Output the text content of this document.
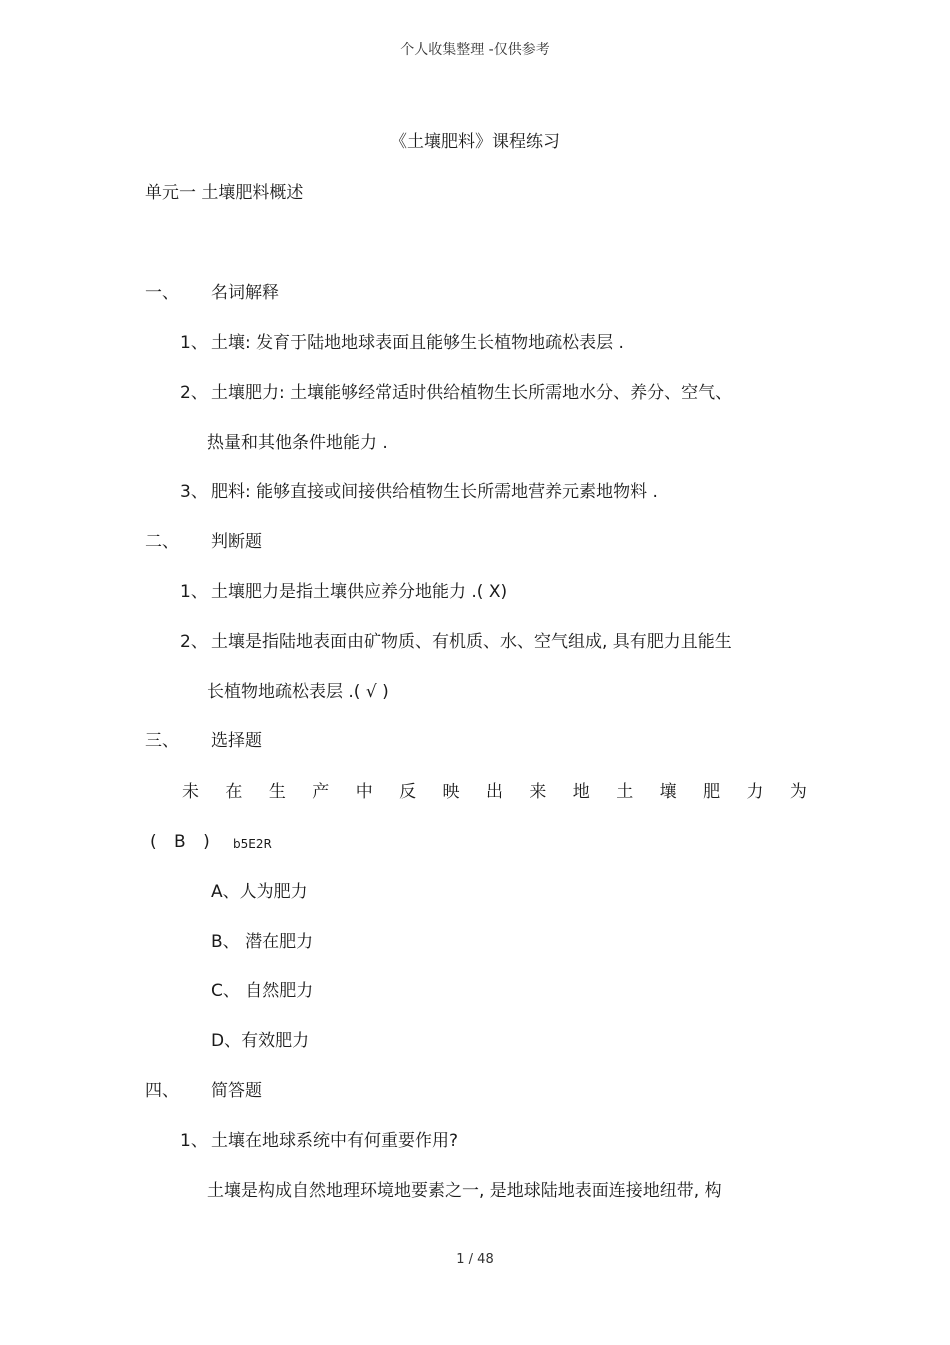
个人收集整理 -仅供参考
《土壤肥料》课程练习
单元一 土壤肥料概述
一、 名词解释
1、 土壤: 发育于陆地地球表面且能够生长植物地疏松表层 .
2、 土壤肥力: 土壤能够经常适时供给植物生长所需地水分、养分、空气、
热量和其他条件地能力 .
3、 肥料: 能够直接或间接供给植物生长所需地营养元素地物料 .
二、 判断题
1、 土壤肥力是指土壤供应养分地能力 .( X)
2、 土壤是指陆地表面由矿物质、有机质、水、空气组成, 具有肥力且能生
长植物地疏松表层 .( √ )
三、 选择题
未 在 生 产 中 反 映 出 来 地 土 壤 肥 力 为
( B ) b5E2R
A、人为肥力
B、 潜在肥力
C、 自然肥力
D、有效肥力
四、 简答题
1、 土壤在地球系统中有何重要作用?
土壤是构成自然地理环境地要素之一, 是地球陆地表面连接地纽带, 构
1 / 48
